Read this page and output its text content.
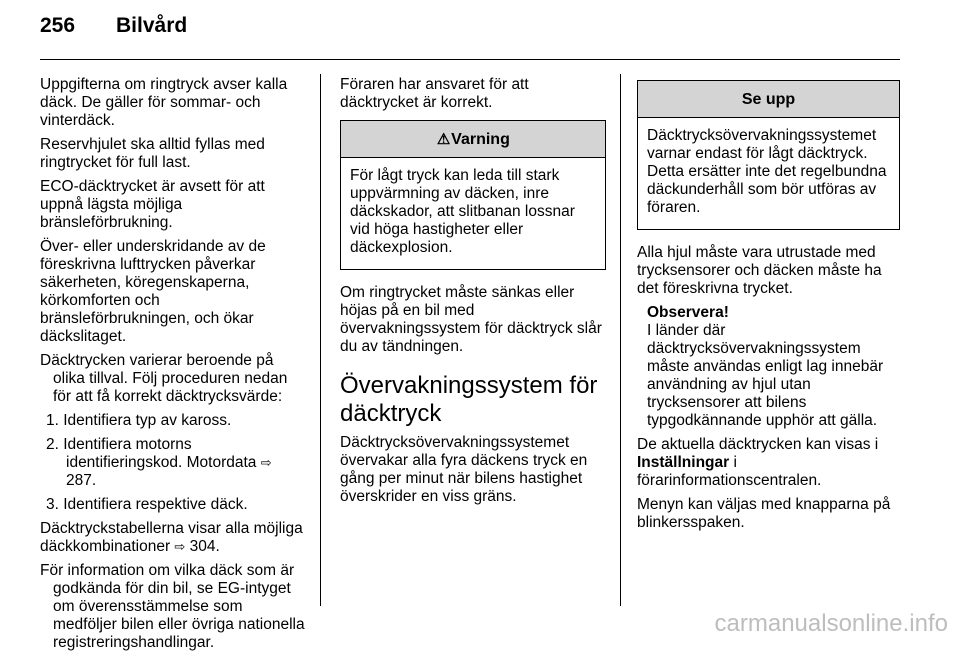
256 Bilvård

Uppgifterna om ringtryck avser kalla däck. De gäller för sommar- och vinterdäck.

Reservhjulet ska alltid fyllas med ringtrycket för full last.

ECO-däcktrycket är avsett för att uppnå lägsta möjliga bränsleförbrukning.

Över- eller underskridande av de föreskrivna lufttrycken påverkar säkerheten, köregenskaperna, körkomforten och bränsleförbrukningen, och ökar däckslitaget.

Däcktrycken varierar beroende på olika tillval. Följ proceduren nedan för att få korrekt däcktrycksvärde:

1. Identifiera typ av kaross.
2. Identifiera motorns identifieringskod. Motordata ⇨ 287.
3. Identifiera respektive däck.

Däcktryckstabellerna visar alla möjliga däckkombinationer ⇨ 304.

För information om vilka däck som är godkända för din bil, se EG-intyget om överensstämmelse som medföljer bilen eller övriga nationella registreringshandlingar.

Föraren har ansvaret för att däcktrycket är korrekt.

⚠Varning
För lågt tryck kan leda till stark uppvärmning av däcken, inre däckskador, att slitbanan lossnar vid höga hastigheter eller däckexplosion.

Om ringtrycket måste sänkas eller höjas på en bil med övervakningssystem för däcktryck slår du av tändningen.

Övervakningssystem för däcktryck

Däcktrycksövervakningssystemet övervakar alla fyra däckens tryck en gång per minut när bilens hastighet överskrider en viss gräns.

Se upp
Däcktrycksövervakningssystemet varnar endast för lågt däcktryck. Detta ersätter inte det regelbundna däckunderhåll som bör utföras av föraren.

Alla hjul måste vara utrustade med trycksensorer och däcken måste ha det föreskrivna trycket.

Observera!
I länder där däcktrycksövervakningssystem måste användas enligt lag innebär användning av hjul utan trycksensorer att bilens typgodkännande upphör att gälla.

De aktuella däcktrycken kan visas i Inställningar i förarinformationscentralen.

Menyn kan väljas med knapparna på blinkersspaken.

carmanualsonline.info
